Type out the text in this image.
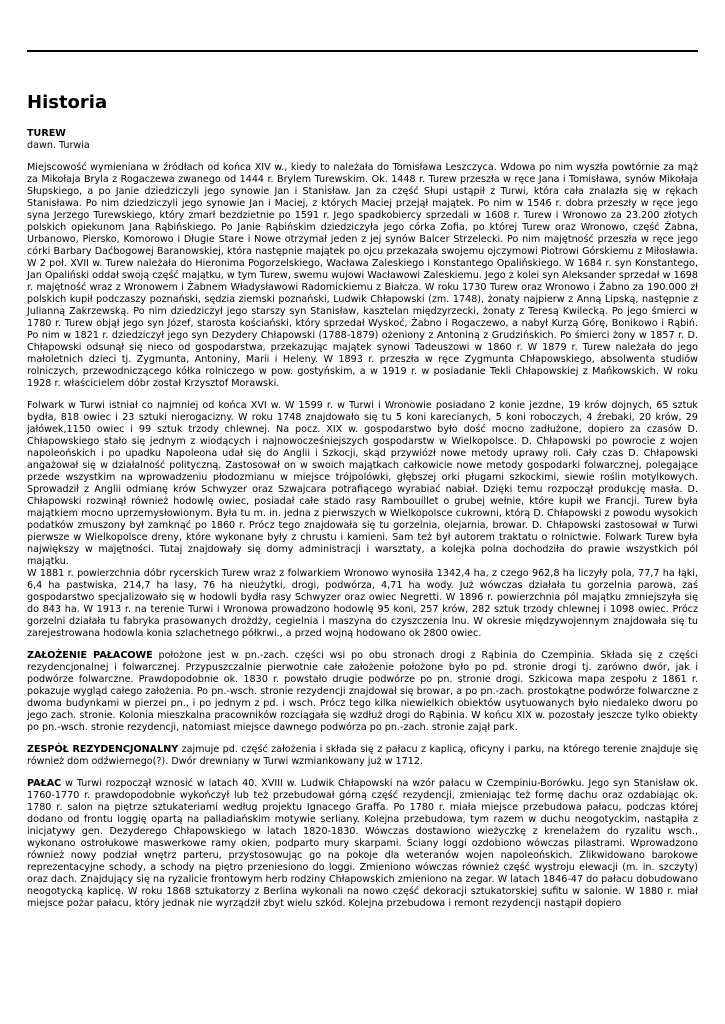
Historia

TUREW

dawn. Turwia

Miejscowość wymieniana w źródłach od końca XIV w., kiedy to należała do Tomisława Leszczyca. Wdowa po nim wyszła powtórnie za mąż za Mikołaja Bryla z Rogaczewa zwanego od 1444 r. Brylem Turewskim. Ok. 1448 r. Turew przeszła w ręce Jana i Tomisława, synów Mikołaja Słupskiego, a po Janie dziedziczyli jego synowie Jan i Stanisław. Jan za część Słupi ustąpił z Turwi, która cała znalazła się w rękach Stanisława. Po nim dziedziczyli jego synowie Jan i Maciej, z których Maciej przejął majątek. Po nim w 1546 r. dobra przeszły w ręce jego syna Jerzego Turewskiego, który zmarł bezdzietnie po 1591 r. Jego spadkobiercy sprzedali w 1608 r. Turew i Wronowo za 23.200 złotych polskich opiekunom Jana Rąbińskiego. Po Janie Rąbińskim dziedziczyła jego córka Zofia, po której Turew oraz Wronowo, część Żabna, Urbanowo, Piersko, Komorowo i Długie Stare i Nowe otrzymał jeden z jej synów Balcer Strzelecki. Po nim majętność przeszła w ręce jego córki Barbary Daćbogowej Baranowskiej, która następnie majątek po ojcu przekazała swojemu ojczymowi Piotrowi Górskiemu z Miłosławia. W 2 poł. XVII w. Turew należała do Hieronima Pogorzelskiego, Wacława Zaleskiego i Konstantego Opalińskiego. W 1684 r. syn Konstantego, Jan Opaliński oddał swoją część majątku, w tym Turew, swemu wujowi Wacławowi Zaleskiemu. Jego z kolei syn Aleksander sprzedał w 1698 r. majętność wraz z Wronowem i Żabnem Władysławowi Radomickiemu z Białcza. W roku 1730 Turew oraz Wronowo i Żabno za 190.000 zł polskich kupił podczaszy poznański, sędzia ziemski poznański, Ludwik Chłapowski (zm. 1748), żonaty najpierw z Anną Lipską, następnie z Julianną Zakrzewską. Po nim dziedziczył jego starszy syn Stanisław, kasztelan międzyrzecki, żonaty z Teresą Kwilecką. Po jego śmierci w 1780 r. Turew objął jego syn Józef, starosta kościański, który sprzedał Wyskoć, Żabno i Rogaczewo, a nabył Kurzą Górę, Bonikowo i Rąbiń. Po nim w 1821 r. dziedziczył jego syn Dezydery Chłapowski (1788-1879) ożeniony z Antoniną z Grudzińskich. Po śmierci żony w 1857 r. D. Chłapowski odsunął się nieco od gospodarstwa, przekazując majątek synowi Tadeuszowi w 1860 r. W 1879 r. Turew należała do jego małoletnich dzieci tj. Zygmunta, Antoniny, Marii i Heleny. W 1893 r. przeszła w ręce Zygmunta Chłapowskiego, absolwenta studiów rolniczych, przewodniczącego kółka rolniczego w pow. gostyńskim, a w 1919 r. w posiadanie Tekli Chłapowskiej z Mańkowskich. W roku 1928 r. właścicielem dóbr został Krzysztof Morawski.

Folwark w Turwi istniał co najmniej od końca XVI w. W 1599 r. w Turwi i Wronowie posiadano 2 konie jezdne, 19 krów dojnych, 65 sztuk bydła, 818 owiec i 23 sztuki nierogacizny. W roku 1748 znajdowało się tu 5 koni karecianych, 5 koni roboczych, 4 źrebaki, 20 krów, 29 jałówek,1150 owiec i 99 sztuk trzody chlewnej. Na pocz. XIX w. gospodarstwo było dość mocno zadłużone, dopiero za czasów D. Chłapowskiego stało się jednym z wiodących i najnowocześniejszych gospodarstw w Wielkopolsce. D. Chłapowski po powrocie z wojen napoleońskich i po upadku Napoleona udał się do Anglii i Szkocji, skąd przywiózł nowe metody uprawy roli. Cały czas D. Chłapowski angażował się w działalność polityczną. Zastosował on w swoich majątkach całkowicie nowe metody gospodarki folwarcznej, polegające przede wszystkim na wprowadzeniu płodozmianu w miejsce trójpolówki, głębszej orki pługami szkockimi, siewie roślin motylkowych. Sprowadził z Anglii odmianę krów Schwyzer oraz Szwajcara potrafiącego wyrabiać nabiał. Dzięki temu rozpoczął produkcję masła. D. Chłapowski rozwinął również hodowlę owiec, posiadał całe stado rasy Rambouillet o grubej wełnie, które kupił we Francji. Turew była majątkiem mocno uprzemysłowionym. Była tu m. in. jedna z pierwszych w Wielkopolsce cukrowni, którą D. Chłapowski z powodu wysokich podatków zmuszony był zamknąć po 1860 r. Prócz tego znajdowała się tu gorzelnia, olejarnia, browar. D. Chłapowski zastosował w Turwi pierwsze w Wielkopolsce dreny, które wykonane były z chrustu i kamieni. Sam też był autorem traktatu o rolnictwie. Folwark Turew była największy w majętności. Tutaj znajdowały się domy administracji i warsztaty, a kolejka polna dochodziła do prawie wszystkich pól majątku.

W 1881 r. powierzchnia dóbr rycerskich Turew wraz z folwarkiem Wronowo wynosiła 1342,4 ha, z czego 962,8 ha liczyły pola, 77,7 ha łąki, 6,4 ha pastwiska, 214,7 ha lasy, 76 ha nieużytki, drogi, podwórza, 4,71 ha wody. Już wówczas działała tu gorzelnia parowa, zaś gospodarstwo specjalizowało się w hodowli bydła rasy Schwyzer oraz owiec Negretti. W 1896 r. powierzchnia pól majątku zmniejszyła się do 843 ha. W 1913 r. na terenie Turwi i Wronowa prowadzono hodowlę 95 koni, 257 krów, 282 sztuk trzody chlewnej i 1098 owiec. Prócz gorzelni działała tu fabryka prasowanych drożdży, cegielnia i maszyna do czyszczenia lnu. W okresie międzywojennym znajdowała się tu zarejestrowana hodowla konia szlachetnego półkrwi., a przed wojną hodowano ok 2800 owiec.

ZAŁOŻENIE PAŁACOWE położone jest w pn.-zach. części wsi po obu stronach drogi z Rąbinia do Czempinia. Składa się z części rezydencjonalnej i folwarcznej. Przypuszczalnie pierwotnie całe założenie położone było po pd. stronie drogi tj. zarówno dwór, jak i podwórze folwarczne. Prawdopodobnie ok. 1830 r. powstało drugie podwórze po pn. stronie drogi. Szkicowa mapa zespołu z 1861 r. pokazuje wygląd całego założenia. Po pn.-wsch. stronie rezydencji znajdował się browar, a po pn.-zach. prostokątne podwórze folwarczne z dwoma budynkami w pierzei pn., i po jednym z pd. i wsch. Prócz tego kilka niewielkich obiektów usytuowanych było niedaleko dworu po jego zach. stronie. Kolonia mieszkalna pracowników rozciągała się wzdłuż drogi do Rąbinia. W końcu XIX w. pozostały jeszcze tylko obiekty po pn.-wsch. stronie rezydencji, natomiast miejsce dawnego podwórza po pn.-zach. stronie zajął park.

ZESPÓŁ REZYDENCJONALNY zajmuje pd. część założenia i składa się z pałacu z kaplicą, oficyny i parku, na którego terenie znajduje się również dom odźwiernego(?). Dwór drewniany w Turwi wzmiankowany już w 1712.

PAŁAC w Turwi rozpoczął wznosić w latach 40. XVIII w. Ludwik Chłapowski na wzór pałacu w Czempiniu-Borówku. Jego syn Stanisław ok. 1760-1770 r. prawdopodobnie wykończył lub też przebudował górną część rezydencji, zmieniając też formę dachu oraz ozdabiając ok. 1780 r. salon na piętrze sztukateriami według projektu Ignacego Graffa. Po 1780 r. miała miejsce przebudowa pałacu, podczas której dodano od frontu loggię opartą na palladiańskim motywie serliany. Kolejna przebudowa, tym razem w duchu neogotyckim, nastąpiła z inicjatywy gen. Dezyderego Chłapowskiego w latach 1820-1830. Wówczas dostawiono wieżyczkę z krenelażem do ryzalitu wsch., wykonano ostrołukowe maswerkowe ramy okien, podparto mury skarpami. Ściany loggi ozdobiono wówczas pilastrami. Wprowadzono również nowy podział wnętrz parteru, przystosowując go na pokoje dla weteranów wojen napoleońskich. Zlikwidowano barokowe reprezentacyjne schody, a schody na piętro przeniesiono do loggi. Zmieniono wówczas również część wystroju elewacji (m. in. szczyty) oraz dach. Znajdujący się na ryzalicie frontowym herb rodziny Chłapowskich zmieniono na zegar. W latach 1846-47 do pałacu dobudowano neogotycką kaplicę. W roku 1868 sztukatorzy z Berlina wykonali na nowo część dekoracji sztukatorskiej sufitu w salonie. W 1880 r. miał miejsce pożar pałacu, który jednak nie wyrządził zbyt wielu szkód. Kolejna przebudowa i remont rezydencji nastąpił dopiero
